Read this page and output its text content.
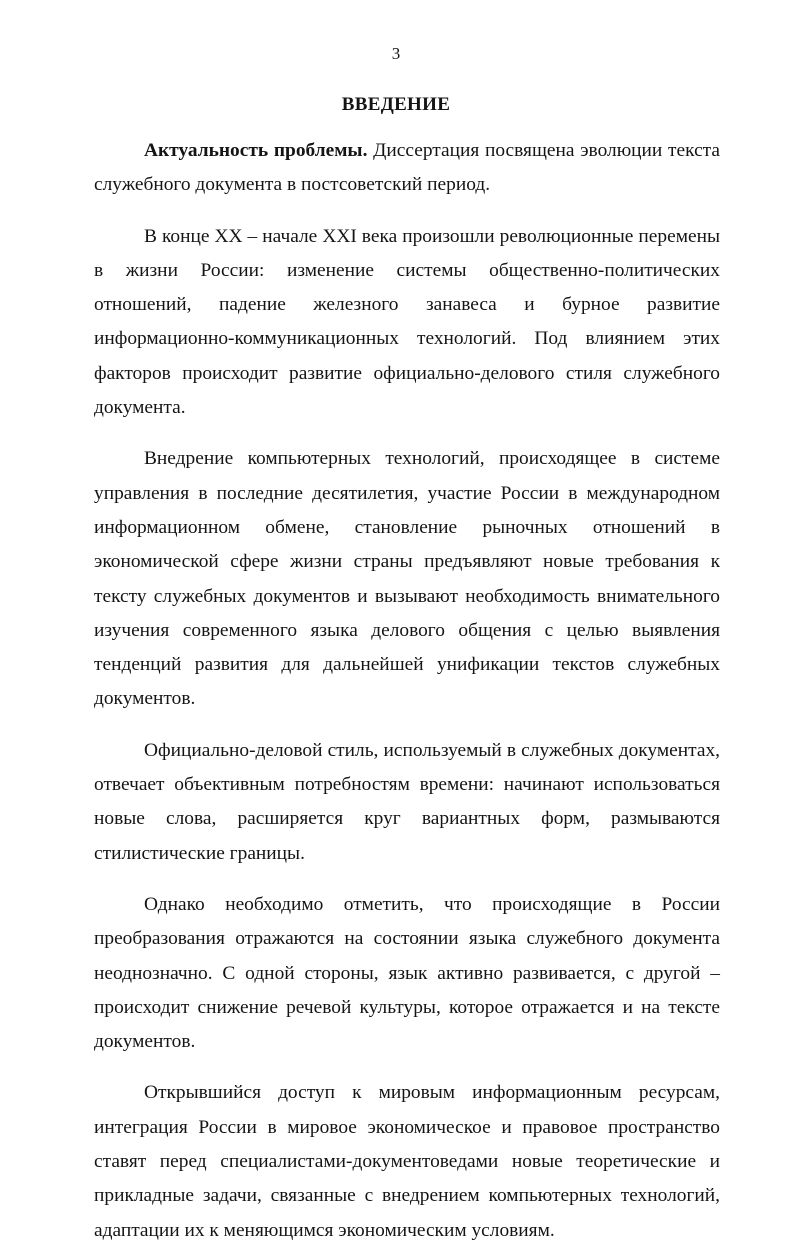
3
ВВЕДЕНИЕ

Актуальность проблемы. Диссертация посвящена эволюции текста служебного документа в постсоветский период.

В конце XX – начале XXI века произошли революционные перемены в жизни России: изменение системы общественно-политических отношений, падение железного занавеса и бурное развитие информационно-коммуникационных технологий. Под влиянием этих факторов происходит развитие официально-делового стиля служебного документа.

Внедрение компьютерных технологий, происходящее в системе управления в последние десятилетия, участие России в международном информационном обмене, становление рыночных отношений в экономической сфере жизни страны предъявляют новые требования к тексту служебных документов и вызывают необходимость внимательного изучения современного языка делового общения с целью выявления тенденций развития для дальнейшей унификации текстов служебных документов.

Официально-деловой стиль, используемый в служебных документах, отвечает объективным потребностям времени: начинают использоваться новые слова, расширяется круг вариантных форм, размываются стилистические границы.

Однако необходимо отметить, что происходящие в России преобразования отражаются на состоянии языка служебного документа неоднозначно. С одной стороны, язык активно развивается, с другой – происходит снижение речевой культуры, которое отражается и на тексте документов.

Открывшийся доступ к мировым информационным ресурсам, интеграция России в мировое экономическое и правовое пространство ставят перед специалистами-документоведами новые теоретические и прикладные задачи, связанные с внедрением компьютерных технологий, адаптации их к меняющимся экономическим условиям.
